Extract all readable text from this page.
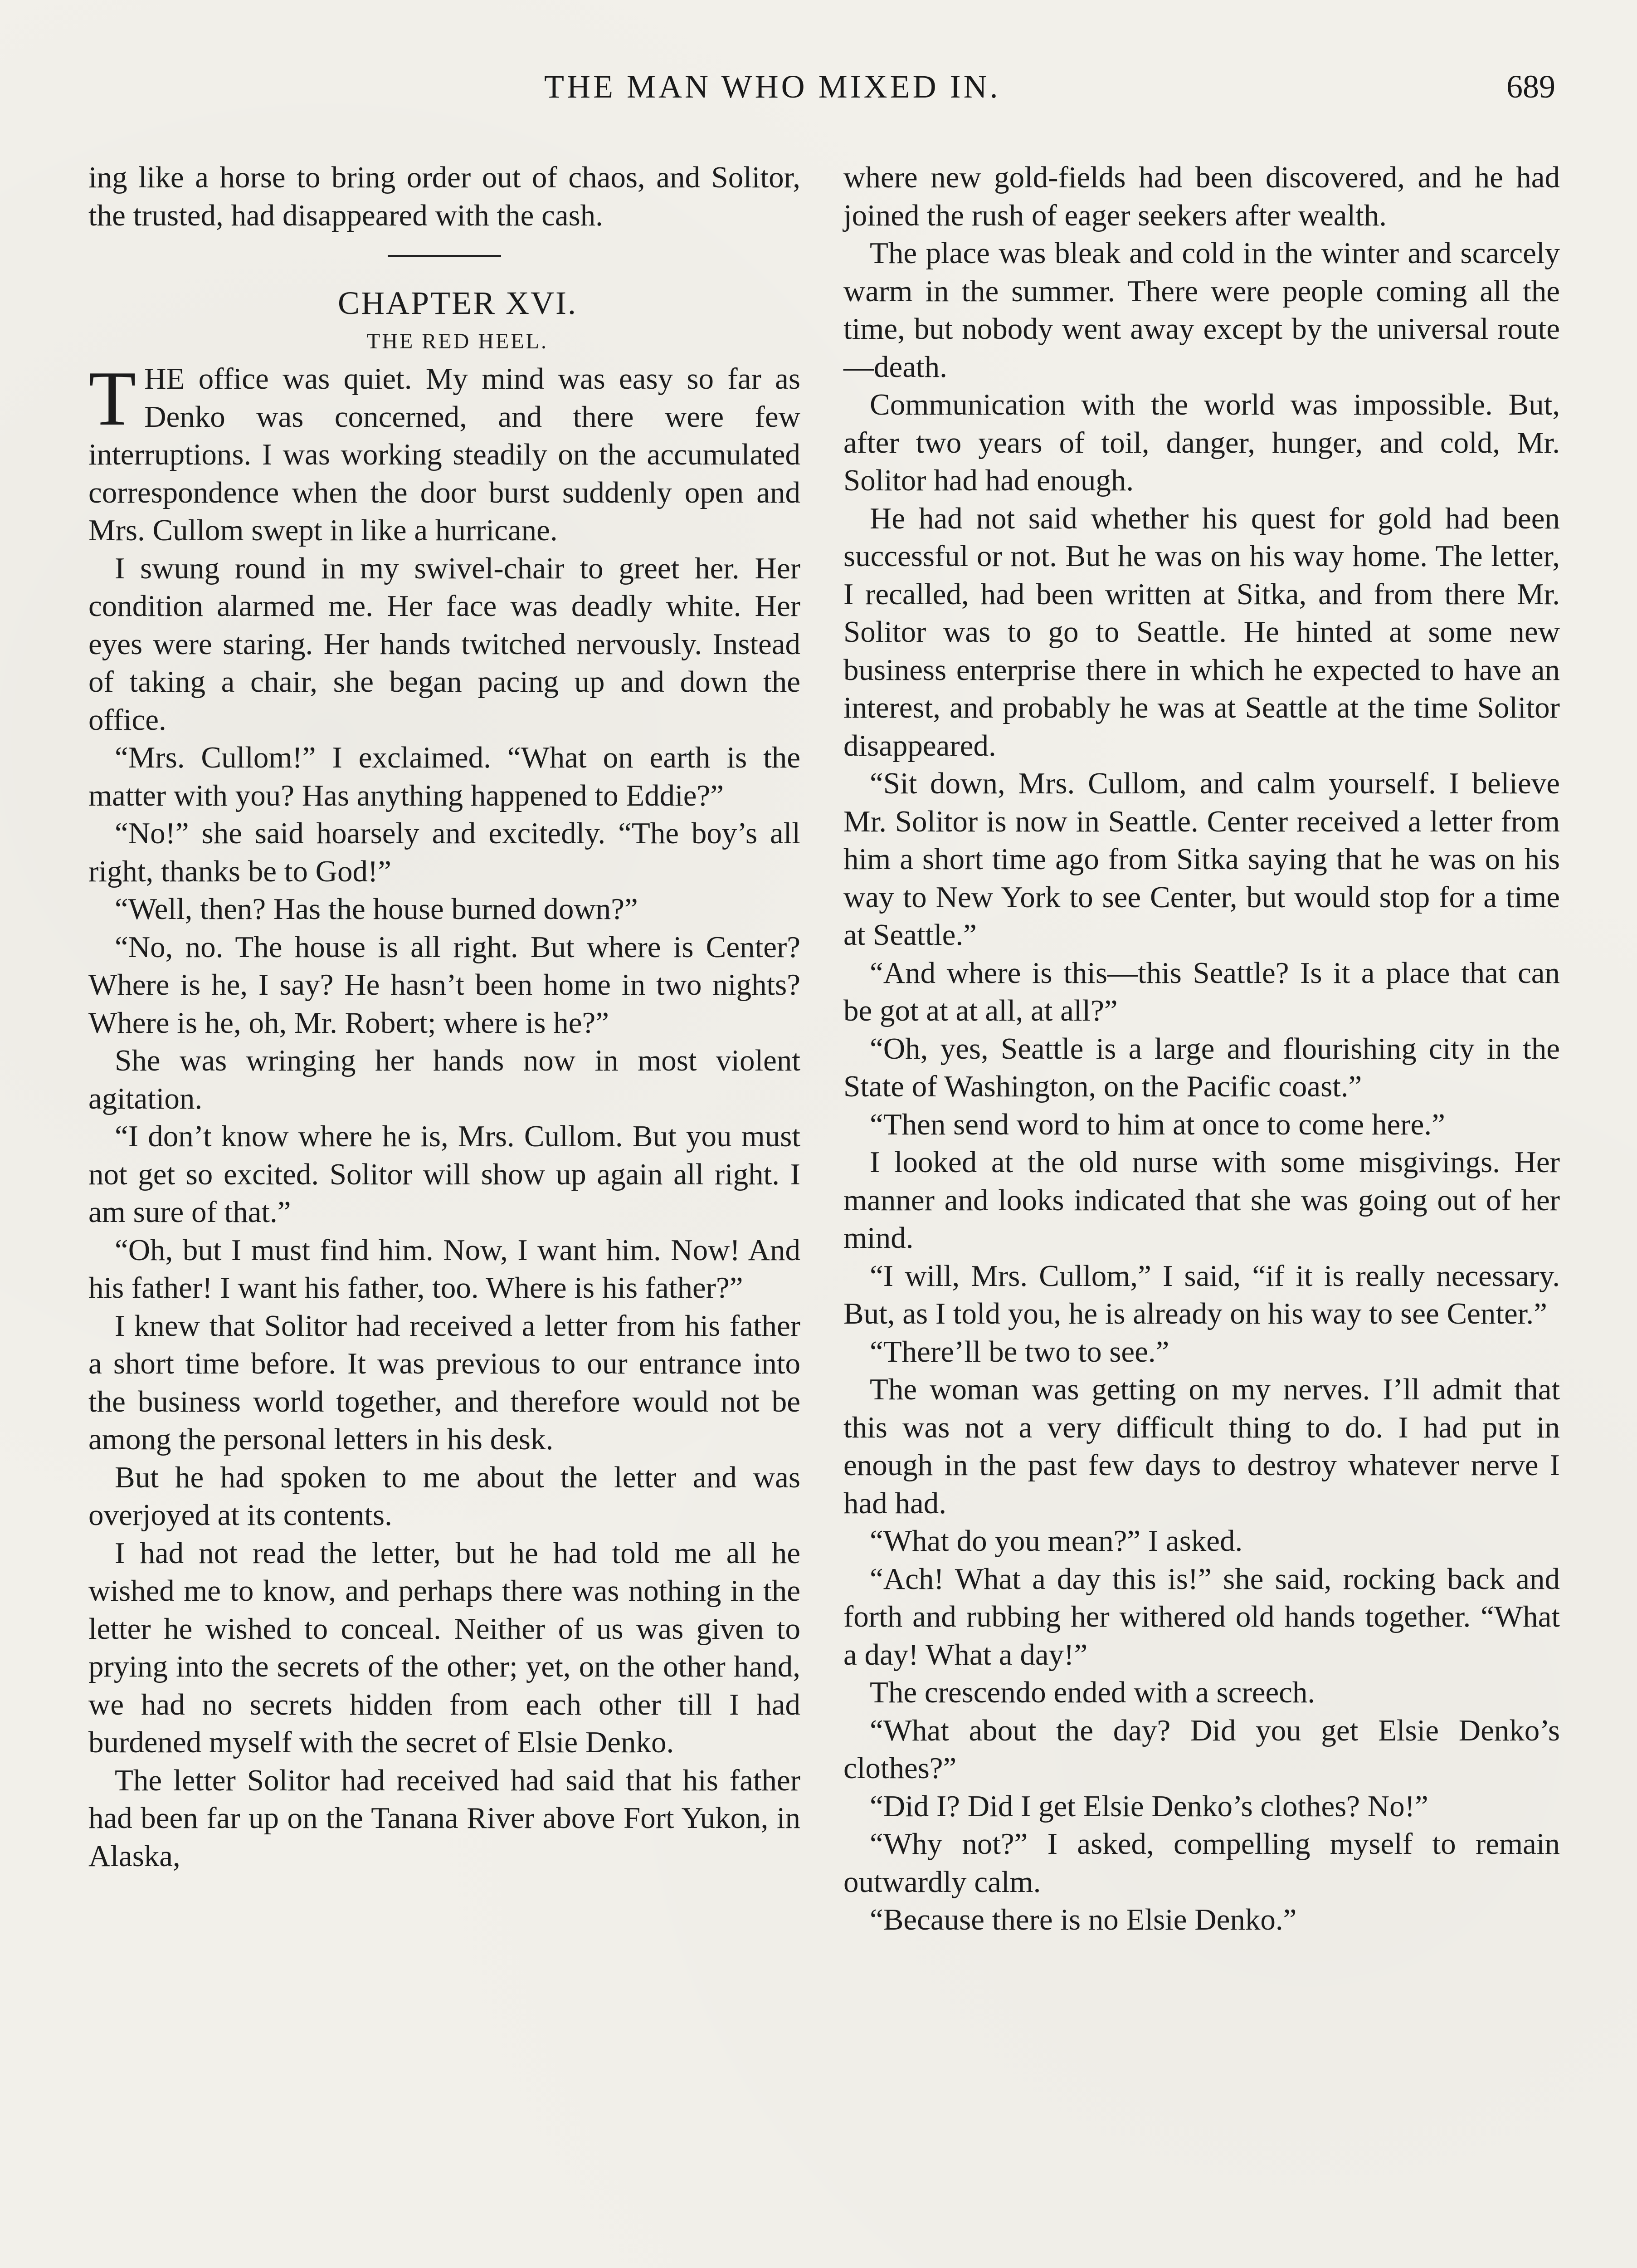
THE MAN WHO MIXED IN.	689

ing like a horse to bring order out of chaos, and Solitor, the trusted, had disappeared with the cash.

CHAPTER XVI.

THE RED HEEL.

THE office was quiet. My mind was easy so far as Denko was concerned, and there were few interruptions. I was working steadily on the accumulated correspondence when the door burst suddenly open and Mrs. Cullom swept in like a hurricane.

I swung round in my swivel-chair to greet her. Her condition alarmed me. Her face was deadly white. Her eyes were staring. Her hands twitched nervously. Instead of taking a chair, she began pacing up and down the office.

“Mrs. Cullom!” I exclaimed. “What on earth is the matter with you? Has anything happened to Eddie?”

“No!” she said hoarsely and excitedly. “The boy’s all right, thanks be to God!”

“Well, then? Has the house burned down?”

“No, no. The house is all right. But where is Center? Where is he, I say? He hasn’t been home in two nights? Where is he, oh, Mr. Robert; where is he?”

She was wringing her hands now in most violent agitation.

“I don’t know where he is, Mrs. Cullom. But you must not get so excited. Solitor will show up again all right. I am sure of that.”

“Oh, but I must find him. Now, I want him. Now! And his father! I want his father, too. Where is his father?”

I knew that Solitor had received a letter from his father a short time before. It was previous to our entrance into the business world together, and therefore would not be among the personal letters in his desk.

But he had spoken to me about the letter and was overjoyed at its contents.

I had not read the letter, but he had told me all he wished me to know, and perhaps there was nothing in the letter he wished to conceal. Neither of us was given to prying into the secrets of the other; yet, on the other hand, we had no secrets hidden from each other till I had burdened myself with the secret of Elsie Denko.

The letter Solitor had received had said that his father had been far up on the Tanana River above Fort Yukon, in Alaska,

where new gold-fields had been discovered, and he had joined the rush of eager seekers after wealth.

The place was bleak and cold in the winter and scarcely warm in the summer. There were people coming all the time, but nobody went away except by the universal route—death.

Communication with the world was impossible. But, after two years of toil, danger, hunger, and cold, Mr. Solitor had had enough.

He had not said whether his quest for gold had been successful or not. But he was on his way home. The letter, I recalled, had been written at Sitka, and from there Mr. Solitor was to go to Seattle. He hinted at some new business enterprise there in which he expected to have an interest, and probably he was at Seattle at the time Solitor disappeared.

“Sit down, Mrs. Cullom, and calm yourself. I believe Mr. Solitor is now in Seattle. Center received a letter from him a short time ago from Sitka saying that he was on his way to New York to see Center, but would stop for a time at Seattle.”

“And where is this—this Seattle? Is it a place that can be got at at all, at all?”

“Oh, yes, Seattle is a large and flourishing city in the State of Washington, on the Pacific coast.”

“Then send word to him at once to come here.”

I looked at the old nurse with some misgivings. Her manner and looks indicated that she was going out of her mind.

“I will, Mrs. Cullom,” I said, “if it is really necessary. But, as I told you, he is already on his way to see Center.”

“There’ll be two to see.”

The woman was getting on my nerves. I’ll admit that this was not a very difficult thing to do. I had put in enough in the past few days to destroy whatever nerve I had had.

“What do you mean?” I asked.

“Ach! What a day this is!” she said, rocking back and forth and rubbing her withered old hands together. “What a day! What a day!”

The crescendo ended with a screech.

“What about the day? Did you get Elsie Denko’s clothes?”

“Did I? Did I get Elsie Denko’s clothes? No!”

“Why not?” I asked, compelling myself to remain outwardly calm.

“Because there is no Elsie Denko.”
